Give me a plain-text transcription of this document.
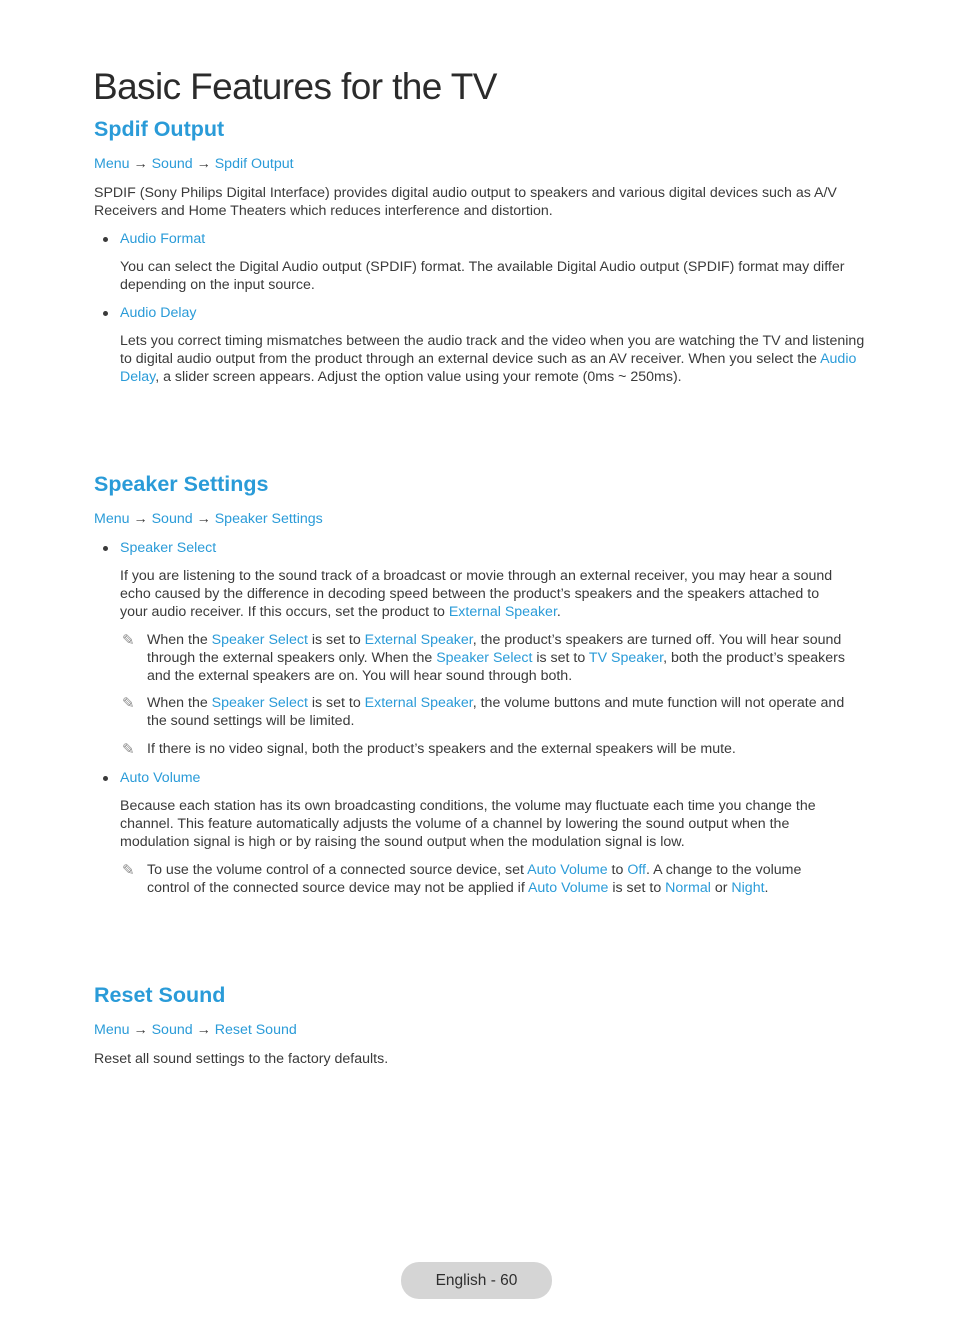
Basic Features for the TV
Spdif Output
Menu → Sound → Spdif Output

SPDIF (Sony Philips Digital Interface) provides digital audio output to speakers and various digital devices such as A/V Receivers and Home Theaters which reduces interference and distortion.

Audio Format

You can select the Digital Audio output (SPDIF) format. The available Digital Audio output (SPDIF) format may differ depending on the input source.

Audio Delay

Lets you correct timing mismatches between the audio track and the video when you are watching the TV and listening to digital audio output from the product through an external device such as an AV receiver. When you select the Audio Delay, a slider screen appears. Adjust the option value using your remote (0ms ~ 250ms).

Speaker Settings
Menu → Sound → Speaker Settings
Speaker Select

If you are listening to the sound track of a broadcast or movie through an external receiver, you may hear a sound echo caused by the difference in decoding speed between the product’s speakers and the speakers attached to your audio receiver. If this occurs, set the product to External Speaker.

✎ When the Speaker Select is set to External Speaker, the product’s speakers are turned off. You will hear sound through the external speakers only. When the Speaker Select is set to TV Speaker, both the product’s speakers and the external speakers are on. You will hear sound through both.

✎ When the Speaker Select is set to External Speaker, the volume buttons and mute function will not operate and the sound settings will be limited.

✎ If there is no video signal, both the product’s speakers and the external speakers will be mute.

Auto Volume

Because each station has its own broadcasting conditions, the volume may fluctuate each time you change the channel. This feature automatically adjusts the volume of a channel by lowering the sound output when the modulation signal is high or by raising the sound output when the modulation signal is low.

✎ To use the volume control of a connected source device, set Auto Volume to Off. A change to the volume control of the connected source device may not be applied if Auto Volume is set to Normal or Night.

Reset Sound
Menu → Sound → Reset Sound

Reset all sound settings to the factory defaults.

English - 60
